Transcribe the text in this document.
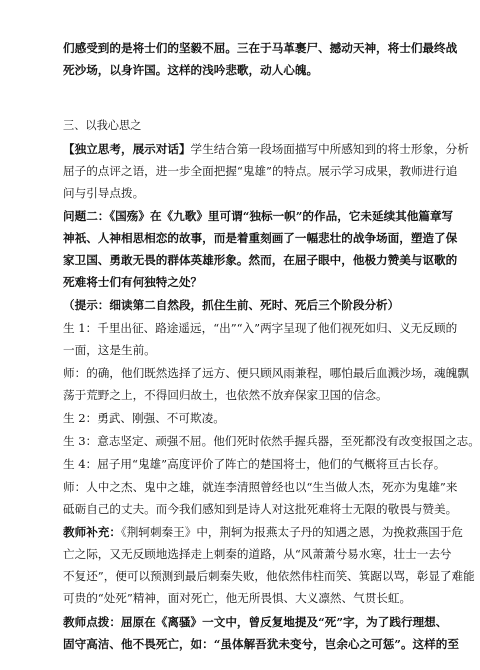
们感受到的是将士们的坚毅不屈。三在于马革裹尸、撼动天神，将士们最终战
死沙场，以身许国。这样的浅吟悲歌，动人心魄。
三、以我心思之
【独立思考，展示对话】学生结合第一段场面描写中所感知到的将士形象，分析
屈子的点评之语，进一步全面把握“鬼雄”的特点。展示学习成果，教师进行追
问与引导点拨。
问题二：《国殇》在《九歌》里可谓“独标一帜”的作品，它未延续其他篇章写
神祇、人神相思相恋的故事，而是着重刻画了一幅悲壮的战争场面，塑造了保
家卫国、勇敢无畏的群体英雄形象。然而，在屈子眼中，他极力赞美与讴歌的
死难将士们有何独特之处？
（提示：细读第二自然段，抓住生前、死时、死后三个阶段分析）
生 1：千里出征、路途遥远，“出”“入”两字呈现了他们视死如归、义无反顾的
一面，这是生前。
师：的确，他们既然选择了远方、便只顾风雨兼程，哪怕最后血溅沙场，魂魄飘
荡于荒野之上，不得回归故土，也依然不放弃保家卫国的信念。
生 2：勇武、刚强、不可欺凌。
生 3：意志坚定、顽强不屈。他们死时依然手握兵器，至死都没有改变报国之志。
生 4：屈子用“鬼雄”高度评价了阵亡的楚国将士，他们的气概将亘古长存。
师：人中之杰、鬼中之雄，就连李清照曾经也以“生当做人杰，死亦为鬼雄”来
砥砺自己的丈夫。而今我们感知到是诗人对这批死难将士无限的敬畏与赞美。
教师补充：《荆轲刺秦王》中，荆轲为报燕太子丹的知遇之恩，为挽救燕国于危
亡之际，又无反顾地选择走上刺秦的道路，从“风萧萧兮易水寒，壮士一去兮
不复还”，便可以预测到最后刺秦失败，他依然伟柱而笑、箕踞以骂，彰显了难能
可贵的“处死”精神，面对死亡，他无所畏惧、大义凛然、气贯长虹。
教师点拨：屈原在《离骚》一文中，曾反复地提及“死”字，为了践行理想、
固守高洁、他不畏死亡，如：“虽体解吾犹未变兮，岂余心之可惩”。这样的至
